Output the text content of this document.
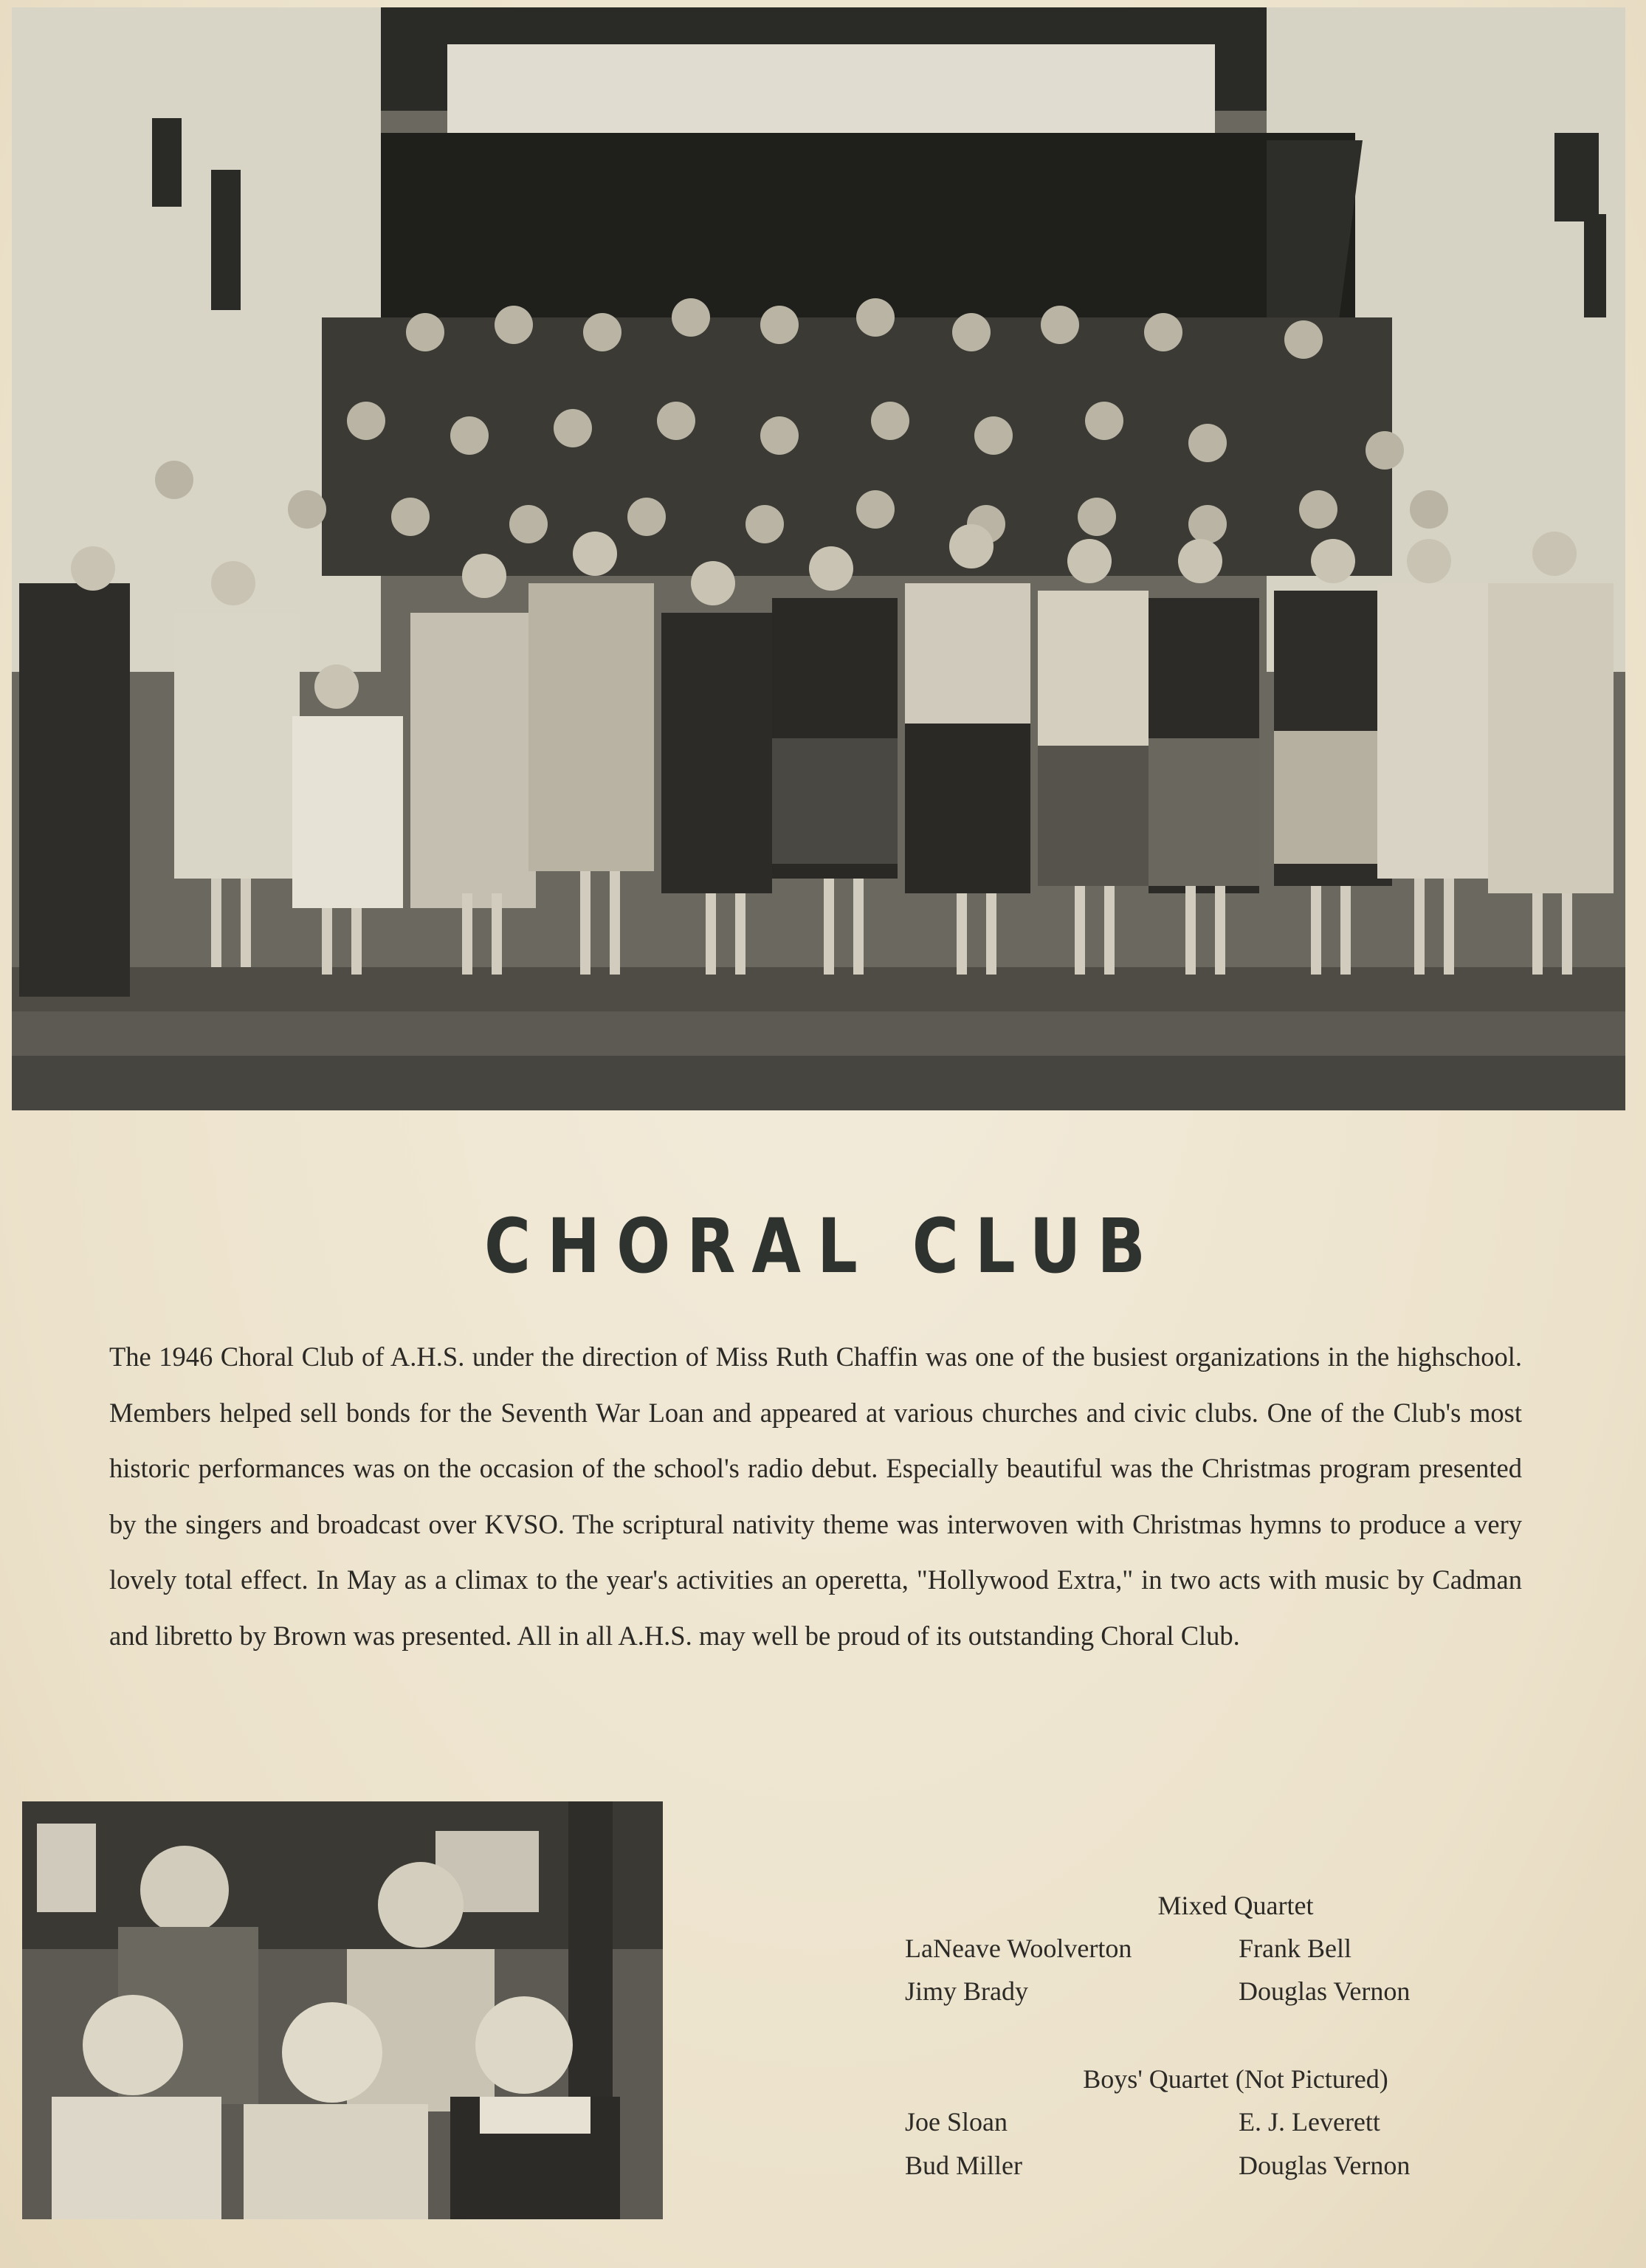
CHORAL CLUB

The 1946 Choral Club of A.H.S. under the direction of Miss Ruth Chaffin was one of the busiest organizations in the highschool. Members helped sell bonds for the Seventh War Loan and appeared at various churches and civic clubs. One of the Club's most historic performances was on the occasion of the school's radio debut. Especially beautiful was the Christmas program presented by the singers and broadcast over KVSO. The scriptural nativity theme was interwoven with Christmas hymns to produce a very lovely total effect. In May as a climax to the year's activities an operetta, "Hollywood Extra," in two acts with music by Cadman and libretto by Brown was presented. All in all A.H.S. may well be proud of its outstanding Choral Club.

Mixed Quartet
LaNeave Woolverton	Frank Bell
Jimy Brady	Douglas Vernon
Boys' Quartet (Not Pictured)
Joe Sloan	E. J. Leverett
Bud Miller	Douglas Vernon
